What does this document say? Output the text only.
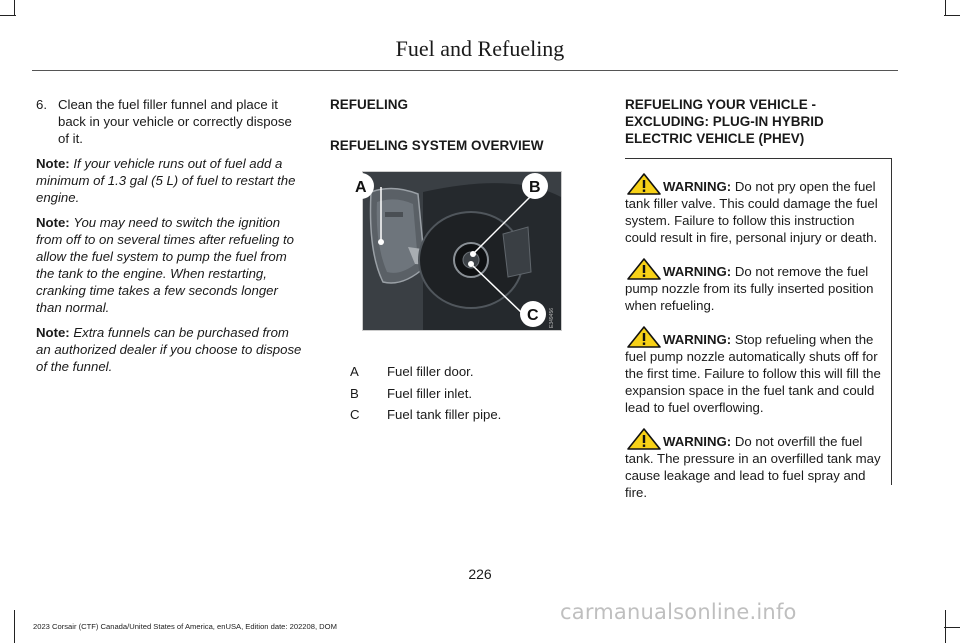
Fuel and Refueling
6. Clean the fuel filler funnel and place it back in your vehicle or correctly dispose of it.

Note: If your vehicle runs out of fuel add a minimum of 1.3 gal (5 L) of fuel to restart the engine.

Note: You may need to switch the ignition from off to on several times after refueling to allow the fuel system to pump the fuel from the tank to the engine. When restarting, cranking time takes a few seconds longer than normal.

Note: Extra funnels can be purchased from an authorized dealer if you choose to dispose of the funnel.

REFUELING

REFUELING SYSTEM OVERVIEW

A	B
C E349456
A	Fuel filler door.
B	Fuel filler inlet.
C	Fuel tank filler pipe.

REFUELING YOUR VEHICLE - EXCLUDING: PLUG-IN HYBRID ELECTRIC VEHICLE (PHEV)

WARNING: Do not pry open the fuel tank filler valve. This could damage the fuel system. Failure to follow this instruction could result in fire, personal injury or death.

WARNING: Do not remove the fuel pump nozzle from its fully inserted position when refueling.

WARNING: Stop refueling when the fuel pump nozzle automatically shuts off for the first time. Failure to follow this will fill the expansion space in the fuel tank and could lead to fuel overflowing.

WARNING: Do not overfill the fuel tank. The pressure in an overfilled tank may cause leakage and lead to fuel spray and fire.

226
2023 Corsair (CTF) Canada/United States of America, enUSA, Edition date: 202208, DOM
carmanualsonline.info
